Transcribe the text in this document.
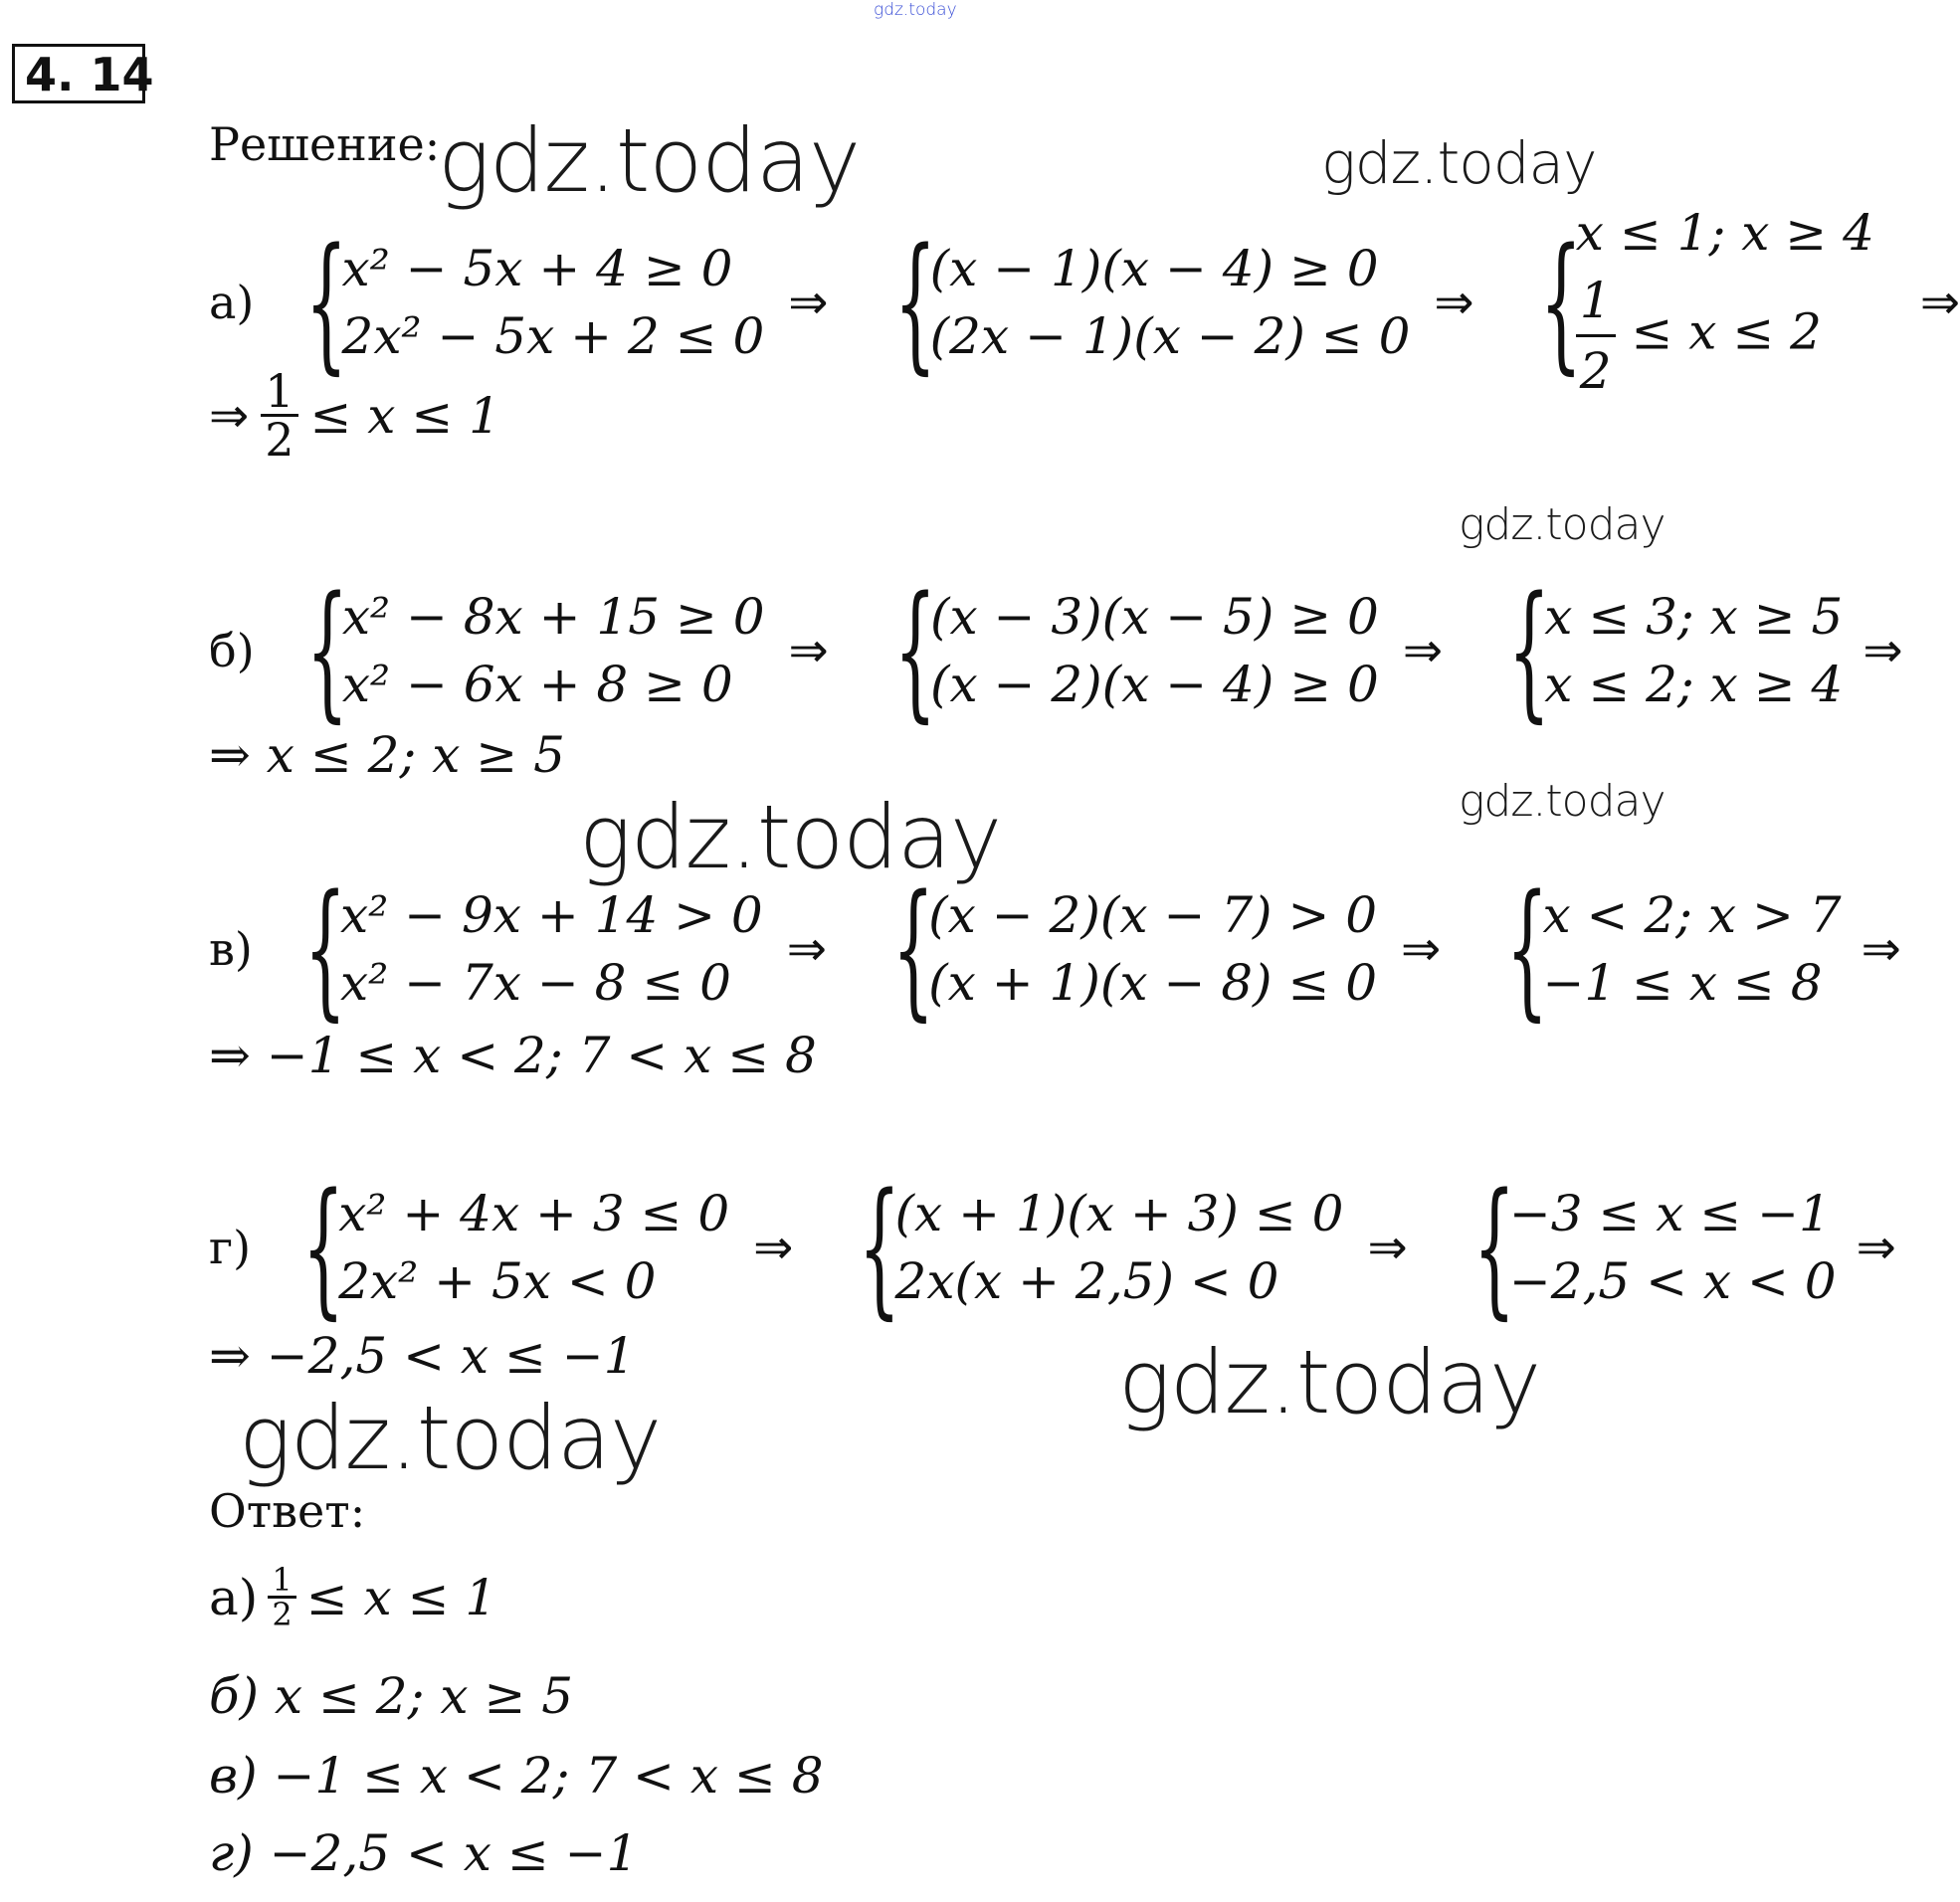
gdz.today
gdz.today	gdz.today
gdz.today
gdz.today
gdz.today
gdz.today
gdz.today
4. 14
Решение:
а) {
x² − 5x + 4 ≥ 0
2x² − 5x + 2 ≤ 0
⇒ {
(x − 1)(x − 4) ≥ 0
(2x − 1)(x − 2) ≤ 0
⇒ {
x ≤ 1; x ≥ 4
$\frac{1}{2} \le x \le 2$
⇒
⇒ $\frac{1}{2} \le x \le 1$
б) {
x² − 8x + 15 ≥ 0
x² − 6x + 8 ≥ 0
⇒ {
(x − 3)(x − 5) ≥ 0
(x − 2)(x − 4) ≥ 0
⇒ {
x ≤ 3; x ≥ 5
x ≤ 2; x ≥ 4
⇒
⇒ x ≤ 2; x ≥ 5
в) {
x² − 9x + 14 > 0
x² − 7x − 8 ≤ 0
⇒ {
(x − 2)(x − 7) > 0
(x + 1)(x − 8) ≤ 0
⇒ {
x < 2; x > 7
−1 ≤ x ≤ 8
⇒
⇒ −1 ≤ x < 2; 7 < x ≤ 8
г) {
x² + 4x + 3 ≤ 0
2x² + 5x < 0
⇒ {
(x + 1)(x + 3) ≤ 0
2x(x + 2,5) < 0
⇒ {
−3 ≤ x ≤ −1
−2,5 < x < 0
⇒
⇒ −2,5 < x ≤ −1
Ответ:
$а) \frac{1}{2} \le x \le 1$
б) x ≤ 2; x ≥ 5
в) −1 ≤ x < 2; 7 < x ≤ 8
г) −2,5 < x ≤ −1
